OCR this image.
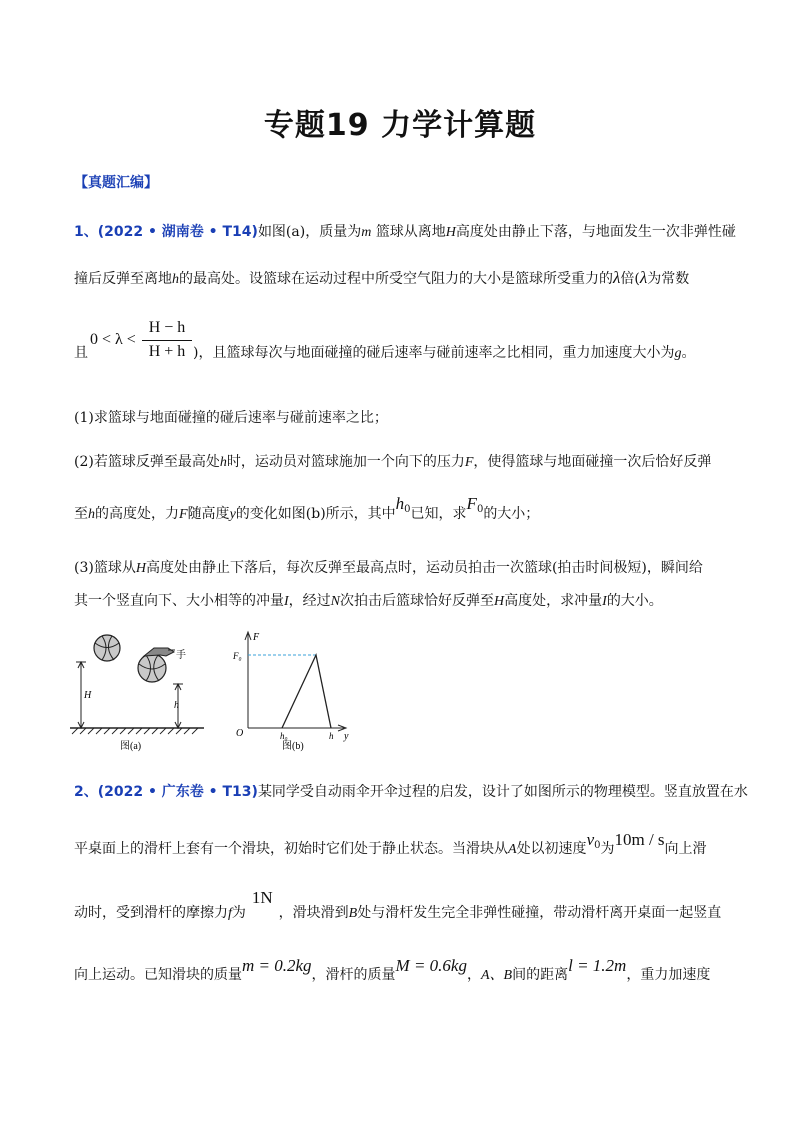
专题19 力学计算题
【真题汇编】
1、(2022 • 湖南卷 • T14)如图(a)，质量为m 篮球从离地H高度处由静止下落，与地面发生一次非弹性碰
撞后反弹至离地h的最高处。设篮球在运动过程中所受空气阻力的大小是篮球所受重力的λ倍(λ为常数
且
0 < λ <
H − h
H + h )，且篮球每次与地面碰撞的碰后速率与碰前速率之比相同，重力加速度大小为g。
(1)求篮球与地面碰撞的碰后速率与碰前速率之比；
(2)若篮球反弹至最高处h时，运动员对篮球施加一个向下的压力F，使得篮球与地面碰撞一次后恰好反弹
至h的高度处，力F随高度y的变化如图(b)所示，其中$h_0$已知，求$F_0$的大小；
(3)篮球从H高度处由静止下落后，每次反弹至最高点时，运动员拍击一次篮球(拍击时间极短)，瞬间给
其一个竖直向下、大小相等的冲量I，经过N次拍击后篮球恰好反弹至H高度处，求冲量I的大小。
手
H
h
图(a)
F
F₀
O	h₀	h y
图(b)
2、(2022 • 广东卷 • T13)某同学受自动雨伞开伞过程的启发，设计了如图所示的物理模型。竖直放置在水
平桌面上的滑杆上套有一个滑块，初始时它们处于静止状态。当滑块从A处以初速度$v_0$为10m / s向上滑
动时，受到滑杆的摩擦力f为1N，滑块滑到B处与滑杆发生完全非弹性碰撞，带动滑杆离开桌面一起竖直
向上运动。已知滑块的质量m = 0.2kg，滑杆的质量M = 0.6kg，A、B间的距离l = 1.2m，重力加速度
